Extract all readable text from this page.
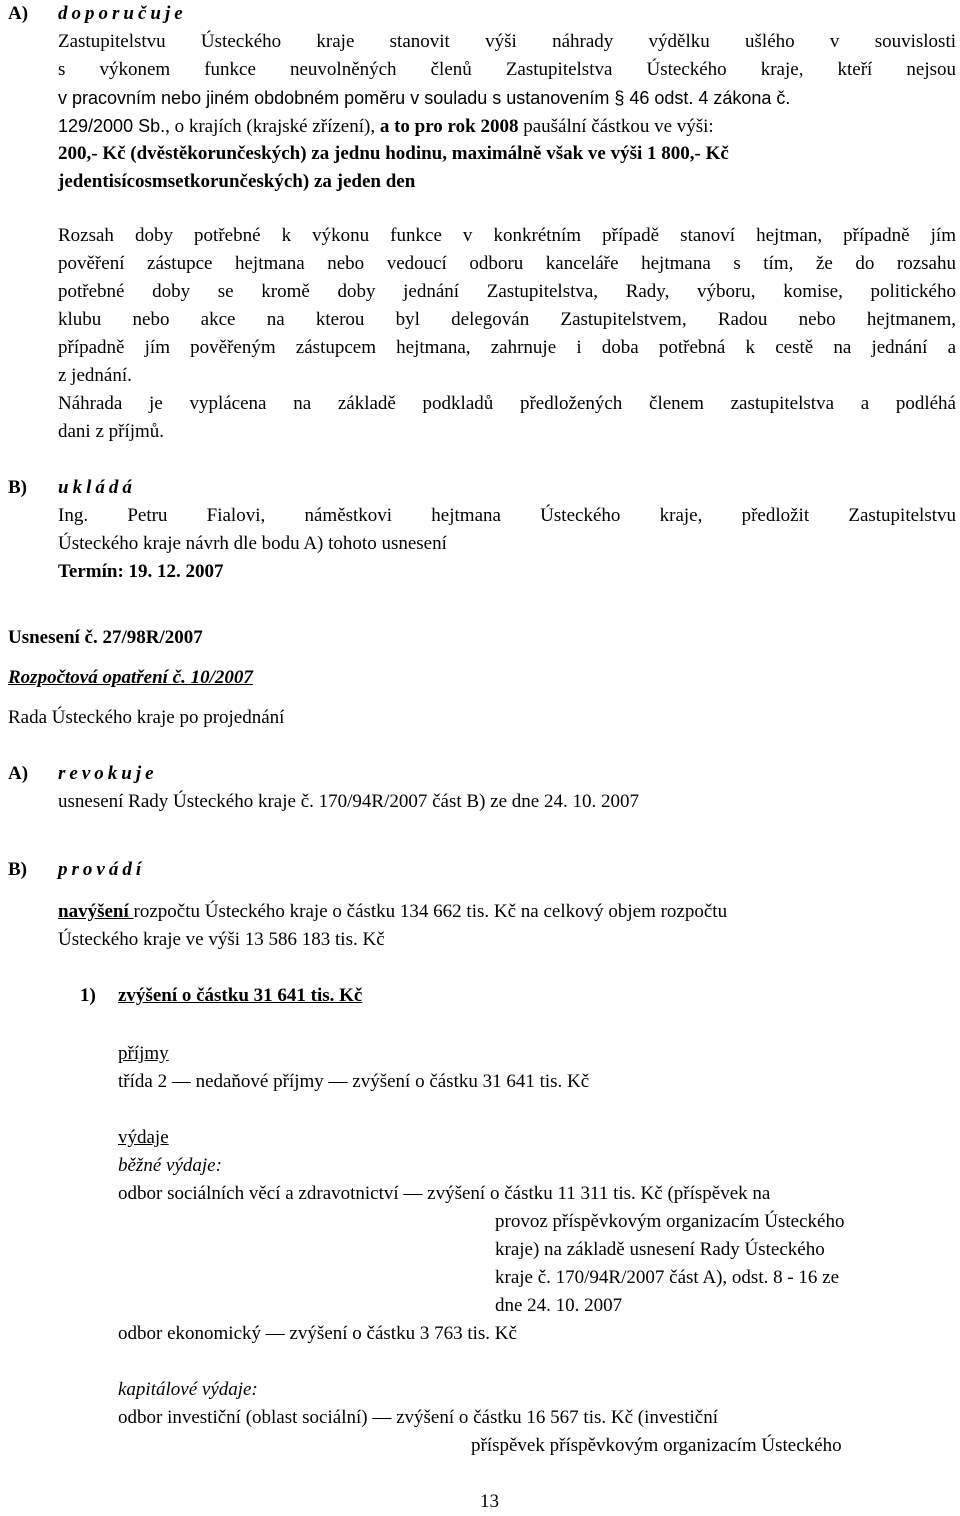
A) doporučuje
Zastupitelstvu Ústeckého kraje stanovit výši náhrady výdělku ušlého v souvislosti
s výkonem funkce neuvolněných členů Zastupitelstva Ústeckého kraje, kteří nejsou
v pracovním nebo jiném obdobném poměru v souladu s ustanovením § 46 odst. 4 zákona č.
129/2000 Sb., o krajích (krajské zřízení), a to pro rok 2008 paušální částkou ve výši:
200,- Kč (dvěstěkorunčeských) za jednu hodinu, maximálně však ve výši 1 800,- Kč
jedentisícosmsetkorunčeských) za jeden den
Rozsah doby potřebné k výkonu funkce v konkrétním případě stanoví hejtman, případně jím
pověření zástupce hejtmana nebo vedoucí odboru kanceláře hejtmana s tím, že do rozsahu
potřebné doby se kromě doby jednání Zastupitelstva, Rady, výboru, komise, politického
klubu nebo akce na kterou byl delegován Zastupitelstvem, Radou nebo hejtmanem,
případně jím pověřeným zástupcem hejtmana, zahrnuje i doba potřebná k cestě na jednání a
z jednání.
Náhrada je vyplácena na základě podkladů předložených členem zastupitelstva a podléhá
dani z příjmů.
B) ukládá
Ing. Petru Fialovi, náměstkovi hejtmana Ústeckého kraje, předložit Zastupitelstvu
Ústeckého kraje návrh dle bodu A) tohoto usnesení
Termín: 19. 12. 2007
Usnesení č. 27/98R/2007
Rozpočtová opatření č. 10/2007
Rada Ústeckého kraje po projednání
A) revokuje
usnesení Rady Ústeckého kraje č. 170/94R/2007 část B) ze dne 24. 10. 2007
B) provádí
navýšení rozpočtu Ústeckého kraje o částku 134 662 tis. Kč na celkový objem rozpočtu
Ústeckého kraje ve výši 13 586 183 tis. Kč
1) zvýšení o částku 31 641 tis. Kč
příjmy
třída 2 — nedaňové příjmy — zvýšení o částku 31 641 tis. Kč
výdaje
běžné výdaje:
odbor sociálních věcí a zdravotnictví — zvýšení o částku 11 311 tis. Kč (příspěvek na
provoz příspěvkovým organizacím Ústeckého
kraje) na základě usnesení Rady Ústeckého
kraje č. 170/94R/2007 část A), odst. 8 - 16 ze
dne 24. 10. 2007
odbor ekonomický — zvýšení o částku 3 763 tis. Kč
kapitálové výdaje:
odbor investiční (oblast sociální) — zvýšení o částku 16 567 tis. Kč (investiční
příspěvek příspěvkovým organizacím Ústeckého
13
